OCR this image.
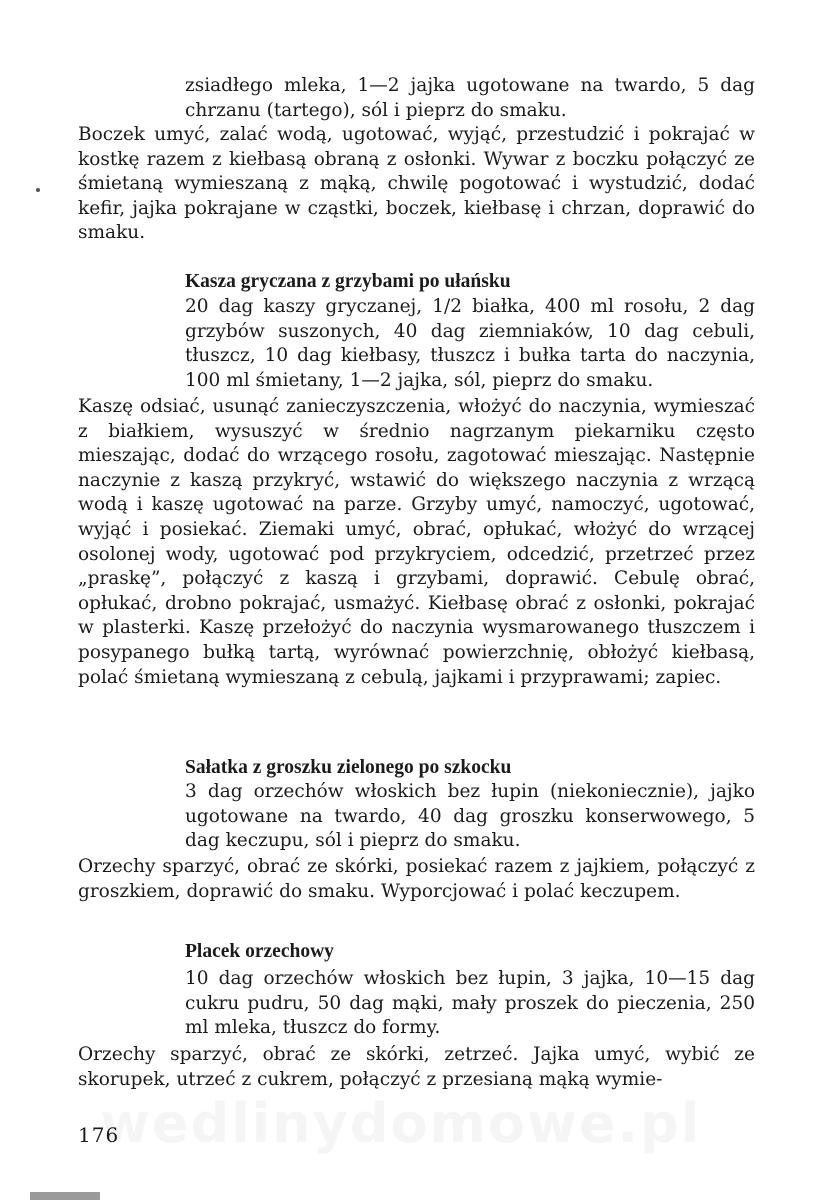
zsiadłego mleka, 1—2 jajka ugotowane na twardo, 5 dag chrzanu (tartego), sól i pieprz do smaku.

Boczek umyć, zalać wodą, ugotować, wyjąć, przestudzić i pokrajać w kostkę razem z kiełbasą obraną z osłonki. Wywar z boczku połączyć ze śmietaną wymieszaną z mąką, chwilę pogotować i wystudzić, dodać kefir, jajka pokrajane w cząstki, boczek, kiełbasę i chrzan, doprawić do smaku.

Kasza gryczana z grzybami po ułańsku

20 dag kaszy gryczanej, 1/2 białka, 400 ml rosołu, 2 dag grzybów suszonych, 40 dag ziemniaków, 10 dag cebuli, tłuszcz, 10 dag kiełbasy, tłuszcz i bułka tarta do naczynia, 100 ml śmietany, 1—2 jajka, sól, pieprz do smaku.

Kaszę odsiać, usunąć zanieczyszczenia, włożyć do naczynia, wymieszać z białkiem, wysuszyć w średnio nagrzanym piekarniku często mieszając, dodać do wrzącego rosołu, zagotować mieszając. Następnie naczynie z kaszą przykryć, wstawić do większego naczynia z wrzącą wodą i kaszę ugotować na parze. Grzyby umyć, namoczyć, ugotować, wyjąć i posiekać. Ziemaki umyć, obrać, opłukać, włożyć do wrzącej osolonej wody, ugotować pod przykryciem, odcedzić, przetrzeć przez „praskę”, połączyć z kaszą i grzybami, doprawić. Cebulę obrać, opłukać, drobno pokrajać, usmażyć. Kiełbasę obrać z osłonki, pokrajać w plasterki. Kaszę przełożyć do naczynia wysmarowanego tłuszczem i posypanego bułką tartą, wyrównać powierzchnię, obłożyć kiełbasą, polać śmietaną wymieszaną z cebulą, jajkami i przyprawami; zapiec.

Sałatka z groszku zielonego po szkocku

3 dag orzechów włoskich bez łupin (niekoniecznie), jajko ugotowane na twardo, 40 dag groszku konserwowego, 5 dag keczupu, sól i pieprz do smaku.

Orzechy sparzyć, obrać ze skórki, posiekać razem z jajkiem, połączyć z groszkiem, doprawić do smaku. Wyporcjować i polać keczupem.

Placek orzechowy

10 dag orzechów włoskich bez łupin, 3 jajka, 10—15 dag cukru pudru, 50 dag mąki, mały proszek do pieczenia, 250 ml mleka, tłuszcz do formy.

Orzechy sparzyć, obrać ze skórki, zetrzeć. Jajka umyć, wybić ze skorupek, utrzeć z cukrem, połączyć z przesianą mąką wymie-

176
